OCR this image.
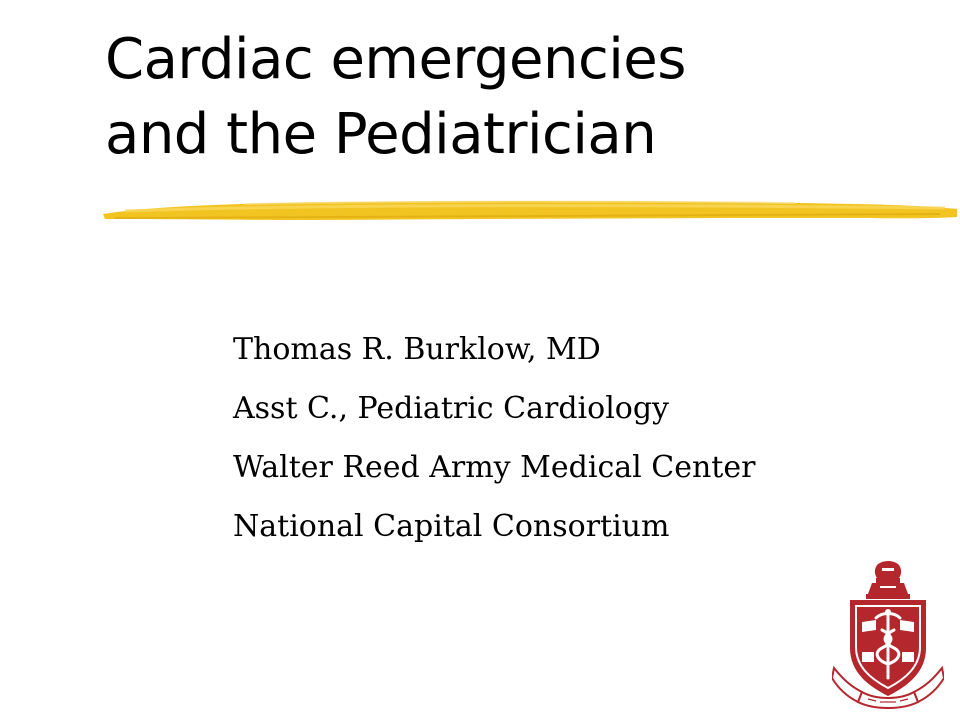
Cardiac emergencies
and the Pediatrician
Thomas R. Burklow, MD
Asst C., Pediatric Cardiology
Walter Reed Army Medical Center
National Capital Consortium
